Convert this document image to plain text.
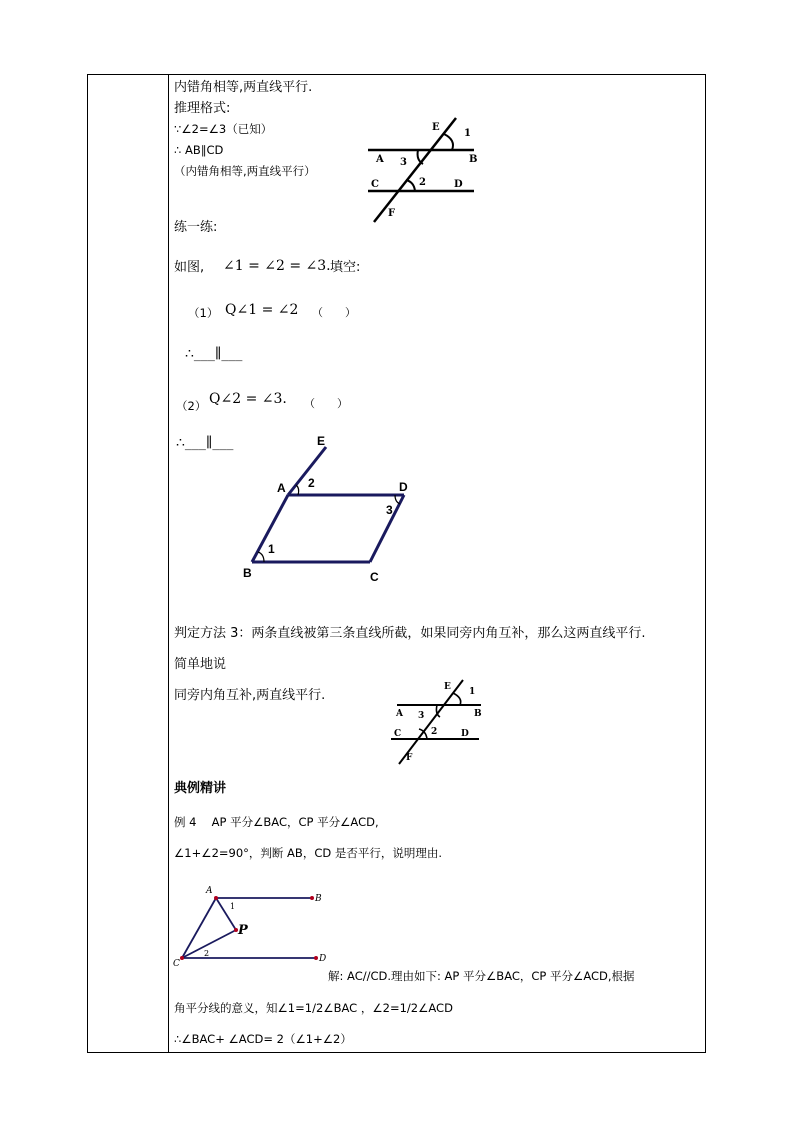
内错角相等,两直线平行.
推理格式:
∵∠2=∠3（已知）
∴ AB∥CD
（内错角相等,两直线平行）
练一练:
如图, ∠1 = ∠2 = ∠3. 填空:
（1） Q∠1 = ∠2 （　　）
∴___∥___
（2） Q∠2 = ∠3. （　　）
∴___∥___
判定方法 3：两条直线被第三条直线所截，如果同旁内角互补，那么这两直线平行.
简单地说
同旁内角互补,两直线平行.
典例精讲
例 4　 AP 平分∠BAC，CP 平分∠ACD,
∠1+∠2=90°，判断 AB，CD 是否平行，说明理由.
解: AC//CD.理由如下: AP 平分∠BAC，CP 平分∠ACD,根据
角平分线的意义，知∠1=1/2∠BAC ，∠2=1/2∠ACD
∴∠BAC+ ∠ACD= 2（∠1+∠2）
E
1
A 3	B
C	2	D
F
E
A 2	D
3
1
B	C
E 1
A 3	B
C	2	D
F
A
B
1
P
C
2
D
